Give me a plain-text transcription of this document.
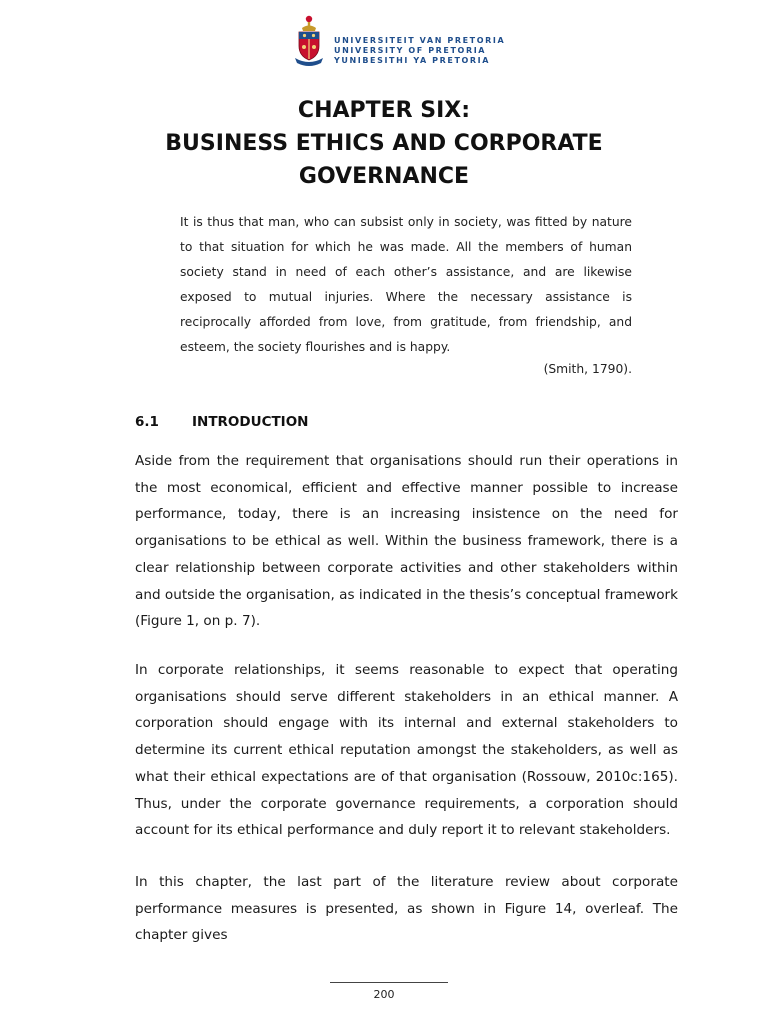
UNIVERSITEIT VAN PRETORIA
UNIVERSITY OF PRETORIA
YUNIBESITHI YA PRETORIA
CHAPTER SIX:
BUSINESS ETHICS AND CORPORATE
GOVERNANCE
It is thus that man, who can subsist only in society, was fitted by nature to that situation for which he was made. All the members of human society stand in need of each other’s assistance, and are likewise exposed to mutual injuries. Where the necessary assistance is reciprocally afforded from love, from gratitude, from friendship, and esteem, the society flourishes and is happy.
(Smith, 1790).
6.1 INTRODUCTION
Aside from the requirement that organisations should run their operations in the most economical, efficient and effective manner possible to increase performance, today, there is an increasing insistence on the need for organisations to be ethical as well. Within the business framework, there is a clear relationship between corporate activities and other stakeholders within and outside the organisation, as indicated in the thesis’s conceptual framework (Figure 1, on p. 7).
In corporate relationships, it seems reasonable to expect that operating organisations should serve different stakeholders in an ethical manner. A corporation should engage with its internal and external stakeholders to determine its current ethical reputation amongst the stakeholders, as well as what their ethical expectations are of that organisation (Rossouw, 2010c:165). Thus, under the corporate governance requirements, a corporation should account for its ethical performance and duly report it to relevant stakeholders.
In this chapter, the last part of the literature review about corporate performance measures is presented, as shown in Figure 14, overleaf. The chapter gives
200
